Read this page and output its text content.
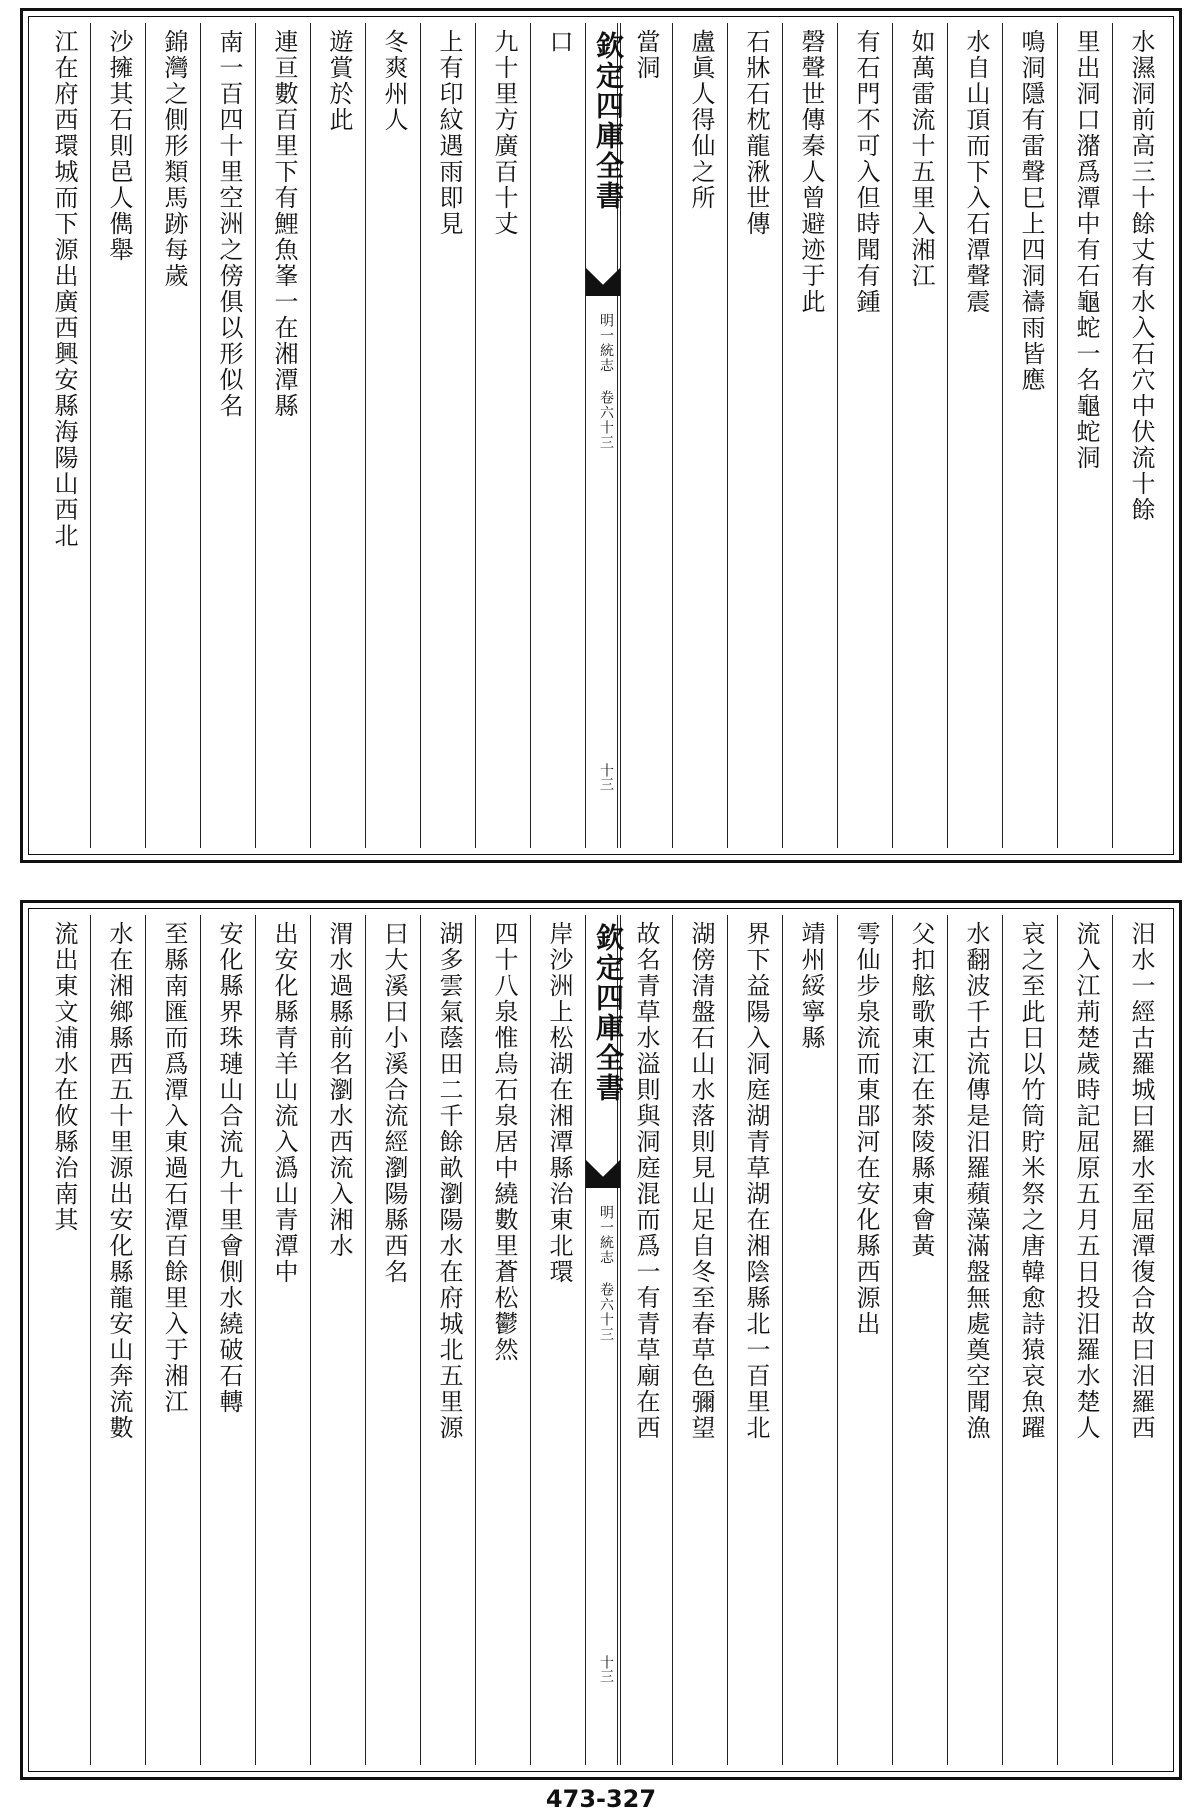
水濕洞前高三十餘丈有水入石穴中伏流十餘
里出洞口潴爲潭中有石龜蛇一名龜蛇洞
鳴洞隱有雷聲巳上四洞禱雨皆應
水自山頂而下入石潭聲震
如萬雷流十五里入湘江
有石門不可入但時聞有鍾
磬聲世傳秦人曾避迹于此
石牀石枕龍湫世傳
盧眞人得仙之所
當洞
欽定四庫全書
明一統志 卷六十三
十三
口
九十里方廣百十丈
上有印紋遇雨即見
冬爽州人
遊賞於此
連亘數百里下有鯉魚峯一在湘潭縣
南一百四十里空洲之傍俱以形似名
錦灣之側形類馬跡每歲
沙擁其石則邑人儁舉
江在府西環城而下源出廣西興安縣海陽山西北
汨水一經古羅城曰羅水至屈潭復合故曰汨羅西
流入江荊楚歲時記屈原五月五日投汨羅水楚人
哀之至此日以竹筒貯米祭之唐韓愈詩猿哀魚躍
水翻波千古流傳是汨羅蘋藻滿盤無處奠空聞漁
父扣舷歌東江在茶陵縣東會黃
雩仙步泉流而東郘河在安化縣西源出
靖州綏寧縣
界下益陽入洞庭湖青草湖在湘陰縣北一百里北
湖傍清盤石山水落則見山足自冬至春草色彌望
故名青草水溢則與洞庭混而爲一有青草廟在西
欽定四庫全書
明一統志 卷六十三
十三
岸沙洲上松湖在湘潭縣治東北環
四十八泉惟烏石泉居中繞數里蒼松鬱然
湖多雲氣蔭田二千餘畝瀏陽水在府城北五里源
曰大溪曰小溪合流經瀏陽縣西名
渭水過縣前名瀏水西流入湘水
出安化縣青羊山流入潙山青潭中
安化縣界珠璉山合流九十里會側水繞破石轉
至縣南匯而爲潭入東過石潭百餘里入于湘江
水在湘鄉縣西五十里源出安化縣龍安山奔流數
流出東文浦水在攸縣治南其
473-327
